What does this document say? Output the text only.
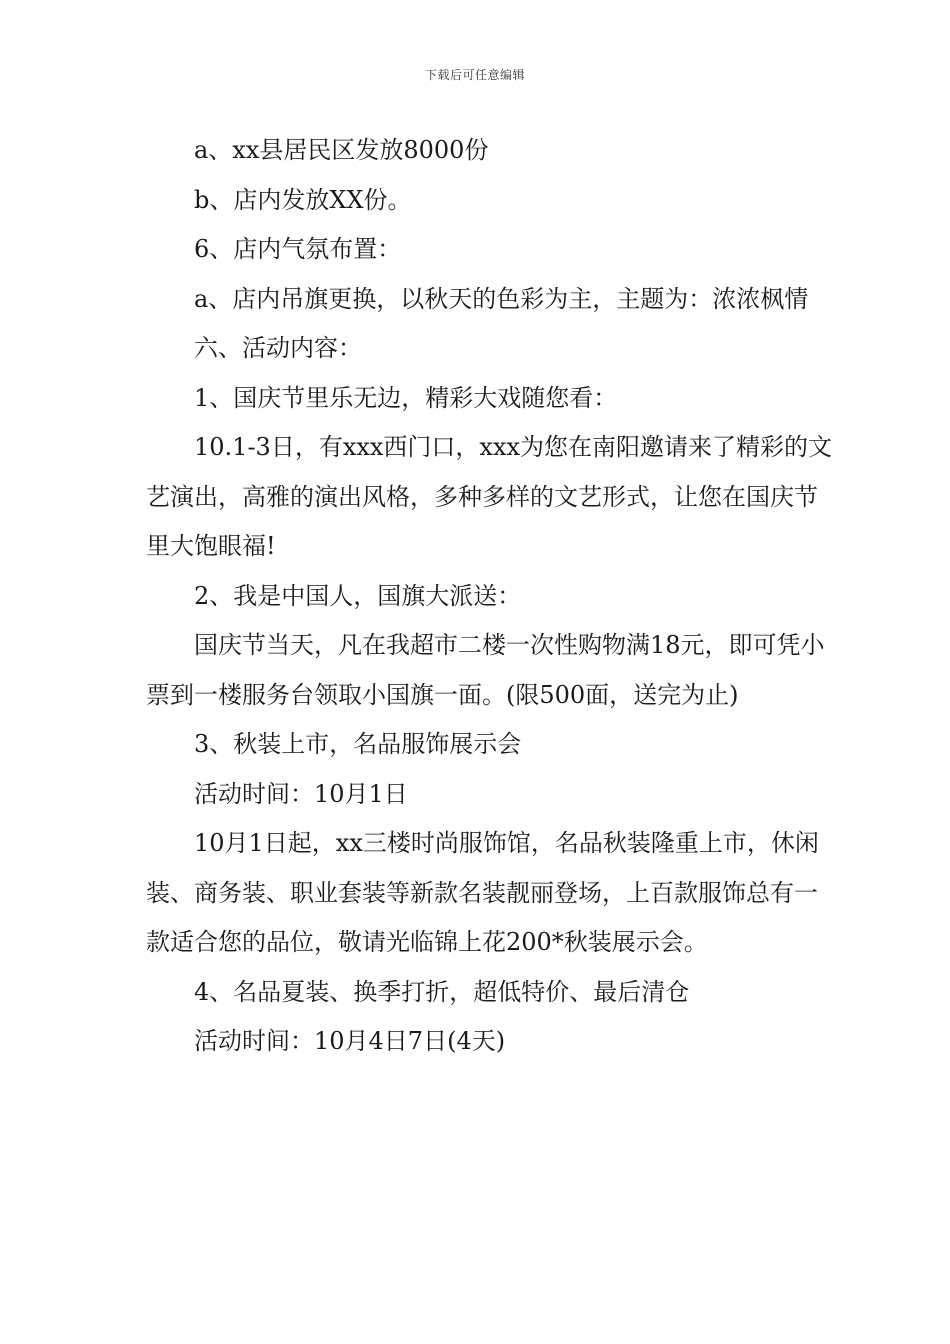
下载后可任意编辑

a、xx县居民区发放8000份

b、店内发放XX份。

6、店内气氛布置：

a、店内吊旗更换，以秋天的色彩为主，主题为：浓浓枫情

六、活动内容：

1、国庆节里乐无边，精彩大戏随您看：

10.1-3日，有xxx西门口，xxx为您在南阳邀请来了精彩的文艺演出，高雅的演出风格，多种多样的文艺形式，让您在国庆节里大饱眼福!

2、我是中国人，国旗大派送：

国庆节当天，凡在我超市二楼一次性购物满18元，即可凭小票到一楼服务台领取小国旗一面。(限500面，送完为止)

3、秋装上市，名品服饰展示会

活动时间：10月1日

10月1日起，xx三楼时尚服饰馆，名品秋装隆重上市，休闲装、商务装、职业套装等新款名装靓丽登场，上百款服饰总有一款适合您的品位，敬请光临锦上花200*秋装展示会。

4、名品夏装、换季打折，超低特价、最后清仓

活动时间：10月4日7日(4天)
